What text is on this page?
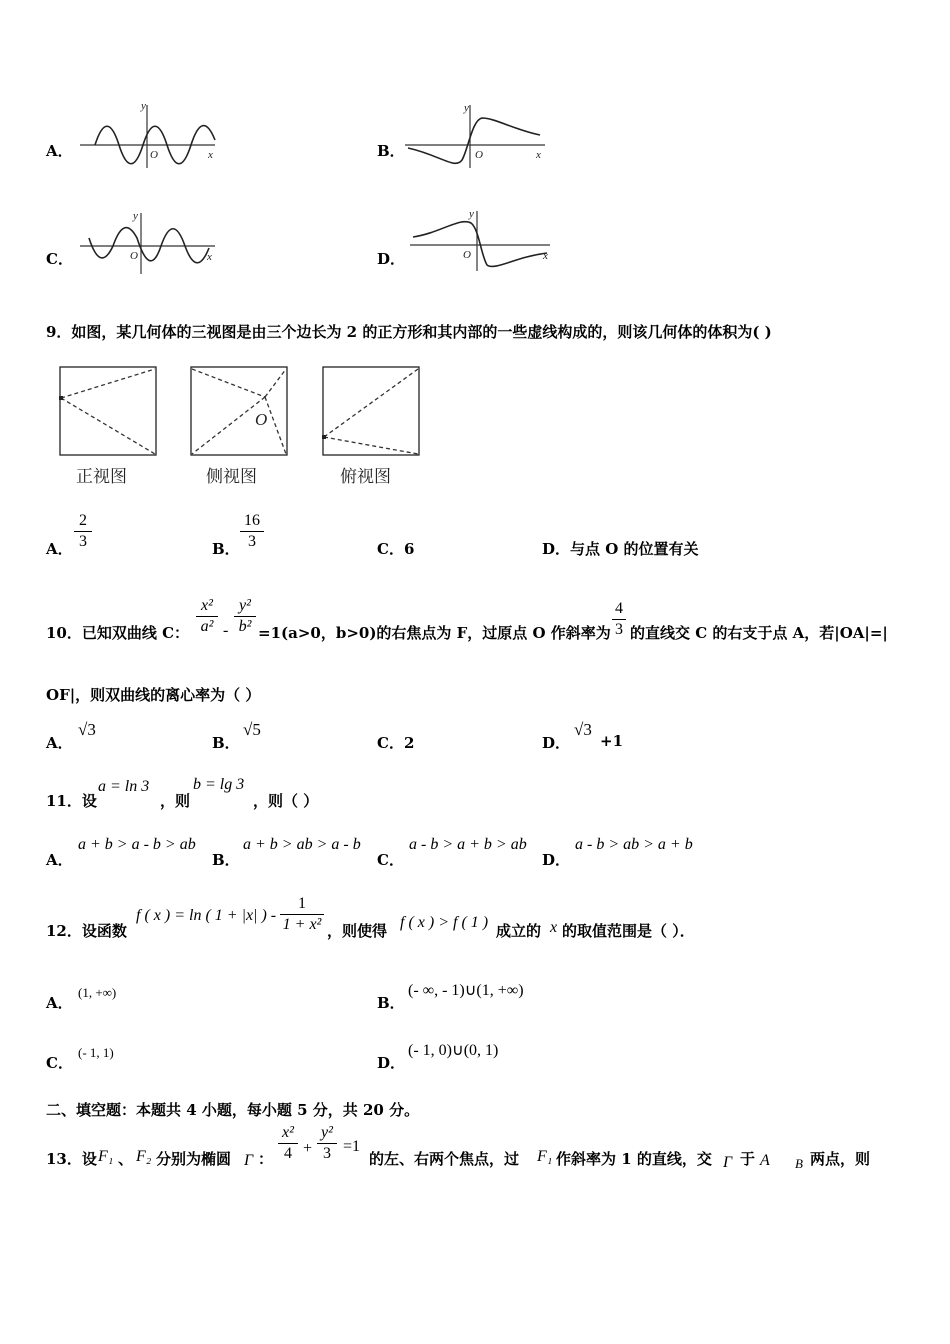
A．
y
x
O	B．
y
x
O
C．
y
x
O	D．
y
x
O
9．如图，某几何体的三视图是由三个边长为 2 的正方形和其内部的一些虚线构成的，则该几何体的体积为( )
正视图
O
侧视图	俯视图
A．
2
3	B．
16
3	C．6	D．与点 O 的位置有关
10．已知双曲线 C：
x²
a² -
y²
b² =1(a>0，b>0)的右焦点为 F，过原点 O 作斜率为
4
3 的直线交 C 的右支于点 A，若|OA|=|
OF|，则双曲线的离心率为（ ）
A．
√3
B．
√5
C．2	D．
√3
+1
11．设
a = ln 3
，则
b = lg 3
，则（ ）
A．
a + b > a - b > ab
B．
a + b > ab > a - b
C．
a - b > a + b > ab
D．
a - b > ab > a + b
12．设函数
f ( x ) = ln ( 1 + |x| ) -
1
1 + x² ，则使得 f ( x ) > f ( 1 ) 成立的 x 的取值范围是（ ）．
A．
(1, +∞)
B．
(- ∞, - 1)∪(1, +∞)
C．
(- 1, 1)
D．
(- 1, 0)∪(0, 1)
二、填空题：本题共 4 小题，每小题 5 分，共 20 分。
13．设 F₁ 、 F₂ 分别为椭圆 Γ ：
x²
4 +
y²
3 =1
的左、右两个焦点，过 F₁ 作斜率为 1 的直线，交 Γ 于 A B 两点，则
